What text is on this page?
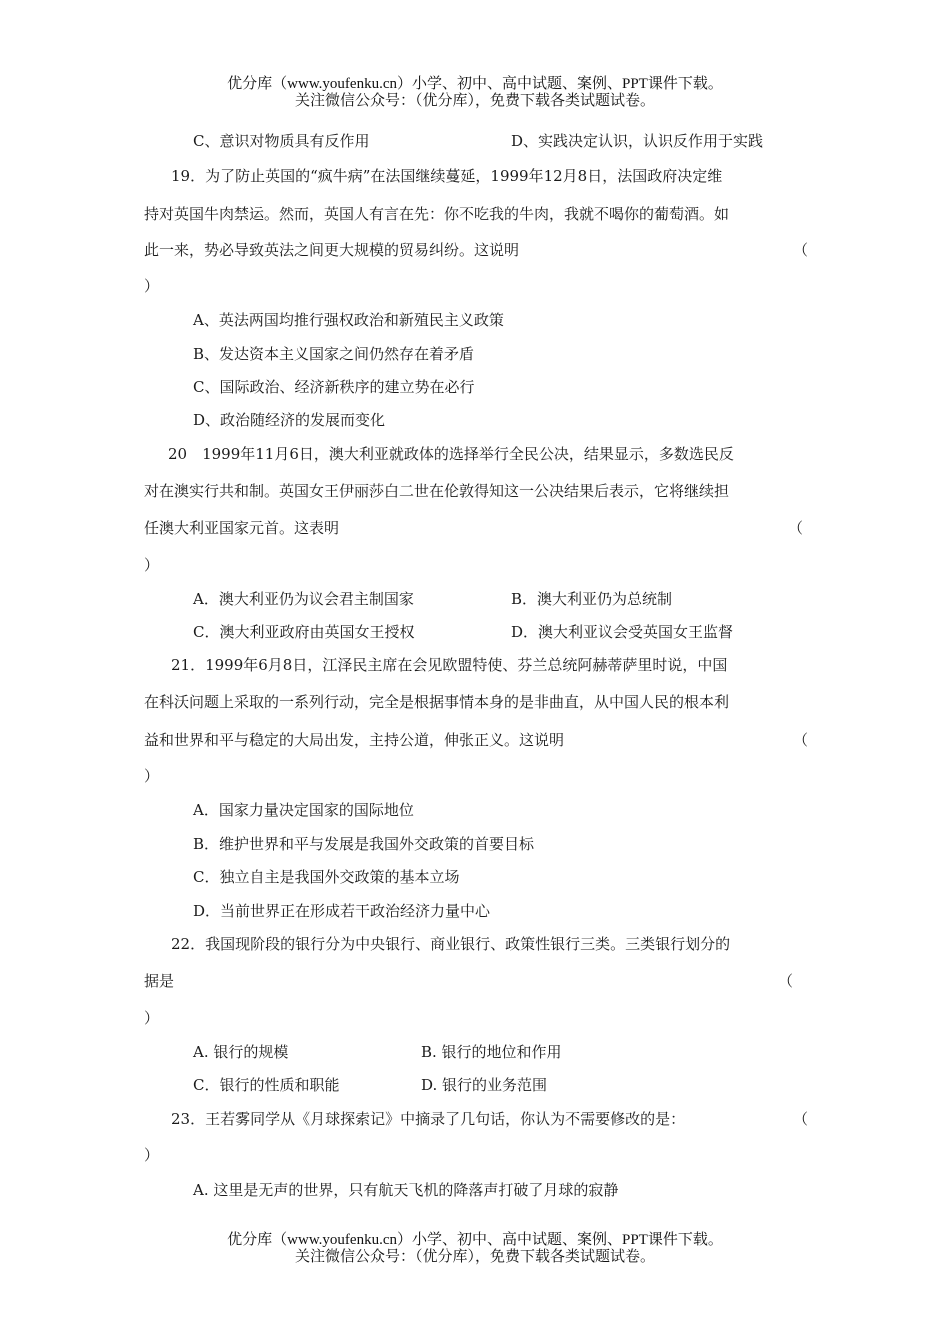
优分库（www.youfenku.cn）小学、初中、高中试题、案例、PPT课件下载。
关注微信公众号：（优分库），免费下载各类试题试卷。
C、意识对物质具有反作用	D、实践决定认识，认识反作用于实践
19．为了防止英国的“疯牛病”在法国继续蔓延，1999年12月8日，法国政府决定维
持对英国牛肉禁运。然而，英国人有言在先：你不吃我的牛肉，我就不喝你的葡萄酒。如
此一来，势必导致英法之间更大规模的贸易纠纷。这说明	（
）
A、英法两国均推行强权政治和新殖民主义政策
B、发达资本主义国家之间仍然存在着矛盾
C、国际政治、经济新秩序的建立势在必行
D、政治随经济的发展而变化
20　1999年11月6日，澳大利亚就政体的选择举行全民公决，结果显示，多数选民反
对在澳实行共和制。英国女王伊丽莎白二世在伦敦得知这一公决结果后表示，它将继续担
任澳大利亚国家元首。这表明	（
）
A．澳大利亚仍为议会君主制国家	B．澳大利亚仍为总统制
C．澳大利亚政府由英国女王授权	D．澳大利亚议会受英国女王监督
21．1999年6月8日，江泽民主席在会见欧盟特使、芬兰总统阿赫蒂萨里时说，中国
在科沃问题上采取的一系列行动，完全是根据事情本身的是非曲直，从中国人民的根本利
益和世界和平与稳定的大局出发，主持公道，伸张正义。这说明	（
）
A．国家力量决定国家的国际地位
B．维护世界和平与发展是我国外交政策的首要目标
C．独立自主是我国外交政策的基本立场
D．当前世界正在形成若干政治经济力量中心
22．我国现阶段的银行分为中央银行、商业银行、政策性银行三类。三类银行划分的
据是	（
）
A. 银行的规模	B. 银行的地位和作用
C．银行的性质和职能	D. 银行的业务范围
23．王若雾同学从《月球探索记》中摘录了几句话，你认为不需要修改的是：	（
）
A. 这里是无声的世界，只有航天飞机的降落声打破了月球的寂静
优分库（www.youfenku.cn）小学、初中、高中试题、案例、PPT课件下载。
关注微信公众号：（优分库），免费下载各类试题试卷。
